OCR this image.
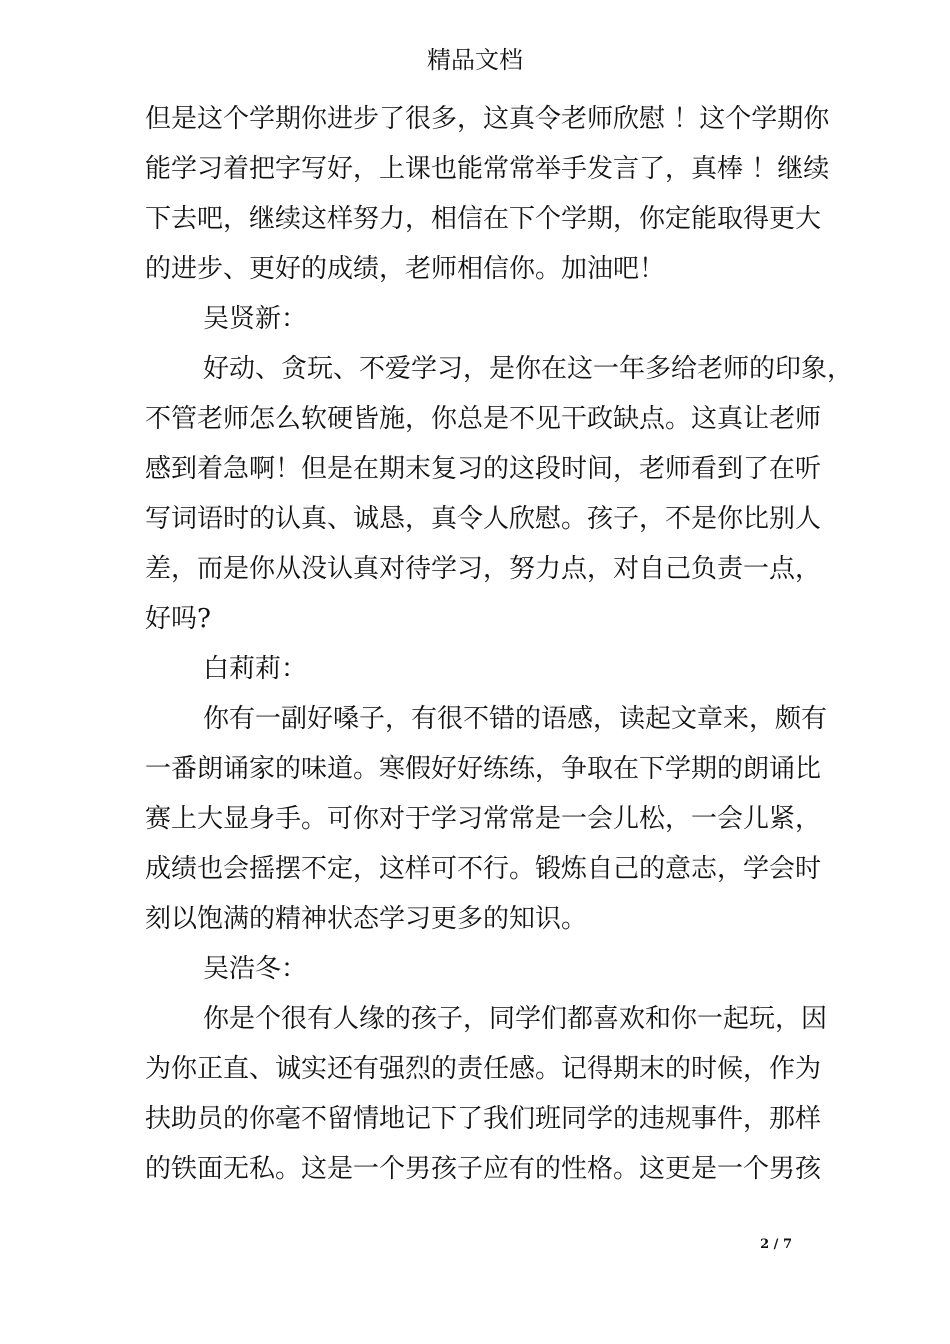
精品文档
但是这个学期你进步了很多，这真令老师欣慰 ！这个学期你
能学习着把字写好，上课也能常常举手发言了，真棒 ！继续
下去吧，继续这样努力，相信在下个学期，你定能取得更大
的进步、更好的成绩，老师相信你。加油吧！
吴贤新：
好动、贪玩、不爱学习，是你在这一年多给老师的印象，
不管老师怎么软硬皆施，你总是不见干政缺点。这真让老师
感到着急啊！但是在期末复习的这段时间，老师看到了在听
写词语时的认真、诚恳，真令人欣慰。孩子，不是你比别人
差，而是你从没认真对待学习，努力点，对自己负责一点，
好吗?
白莉莉：
你有一副好嗓子，有很不错的语感，读起文章来，颇有
一番朗诵家的味道。寒假好好练练，争取在下学期的朗诵比
赛上大显身手。可你对于学习常常是一会儿松，一会儿紧，
成绩也会摇摆不定，这样可不行。锻炼自己的意志，学会时
刻以饱满的精神状态学习更多的知识。
吴浩冬：
你是个很有人缘的孩子，同学们都喜欢和你一起玩，因
为你正直、诚实还有强烈的责任感。记得期末的时候，作为
扶助员的你毫不留情地记下了我们班同学的违规事件，那样
的铁面无私。这是一个男孩子应有的性格。这更是一个男孩
2 / 7
